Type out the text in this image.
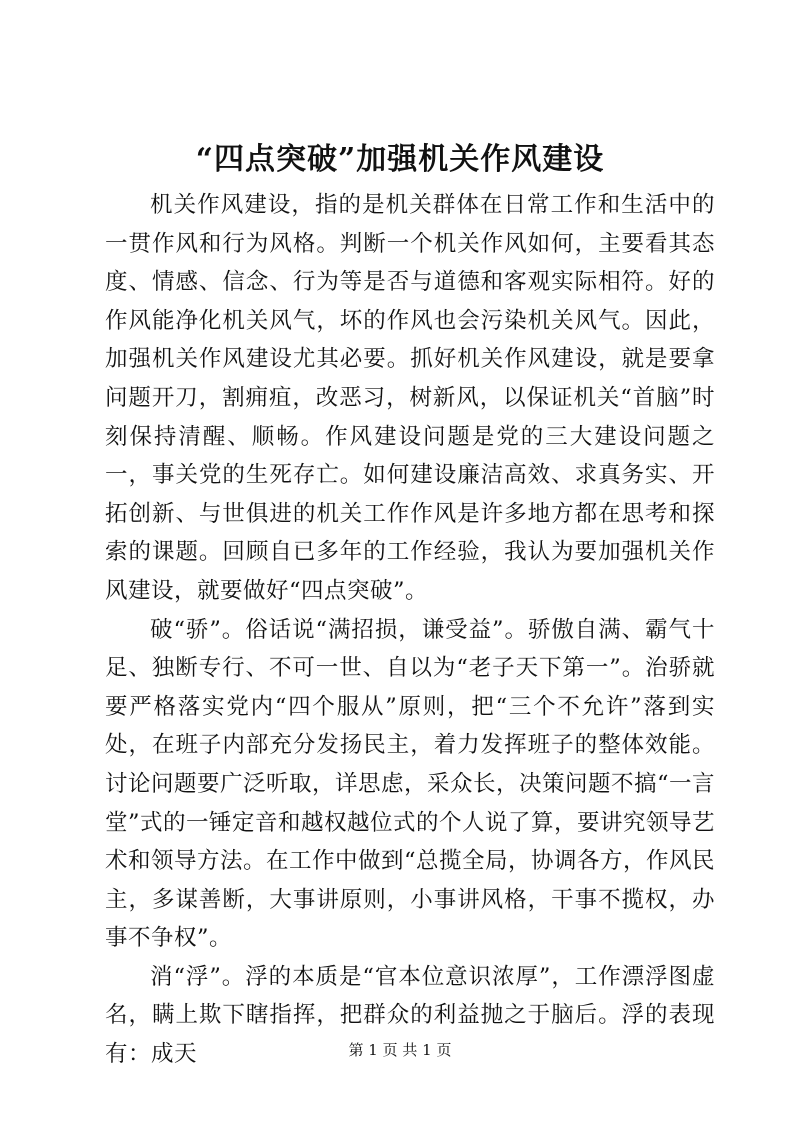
“四点突破”加强机关作风建设

机关作风建设，指的是机关群体在日常工作和生活中的一贯作风和行为风格。判断一个机关作风如何，主要看其态度、情感、信念、行为等是否与道德和客观实际相符。好的作风能净化机关风气，坏的作风也会污染机关风气。因此，加强机关作风建设尤其必要。抓好机关作风建设，就是要拿问题开刀，割痈疽，改恶习，树新风，以保证机关“首脑”时刻保持清醒、顺畅。作风建设问题是党的三大建设问题之一，事关党的生死存亡。如何建设廉洁高效、求真务实、开拓创新、与世俱进的机关工作作风是许多地方都在思考和探索的课题。回顾自已多年的工作经验，我认为要加强机关作风建设，就要做好“四点突破”。

破“骄”。俗话说“满招损，谦受益”。骄傲自满、霸气十足、独断专行、不可一世、自以为“老子天下第一”。治骄就要严格落实党内“四个服从”原则，把“三个不允许”落到实处，在班子内部充分发扬民主，着力发挥班子的整体效能。讨论问题要广泛听取，详思虑，采众长，决策问题不搞“一言堂”式的一锤定音和越权越位式的个人说了算，要讲究领导艺术和领导方法。在工作中做到“总揽全局，协调各方，作风民主，多谋善断，大事讲原则，小事讲风格，干事不揽权，办事不争权”。

消“浮”。浮的本质是“官本位意识浓厚”，工作漂浮图虚名，瞒上欺下瞎指挥，把群众的利益抛之于脑后。浮的表现有：成天	第 1 页 共 1 页
